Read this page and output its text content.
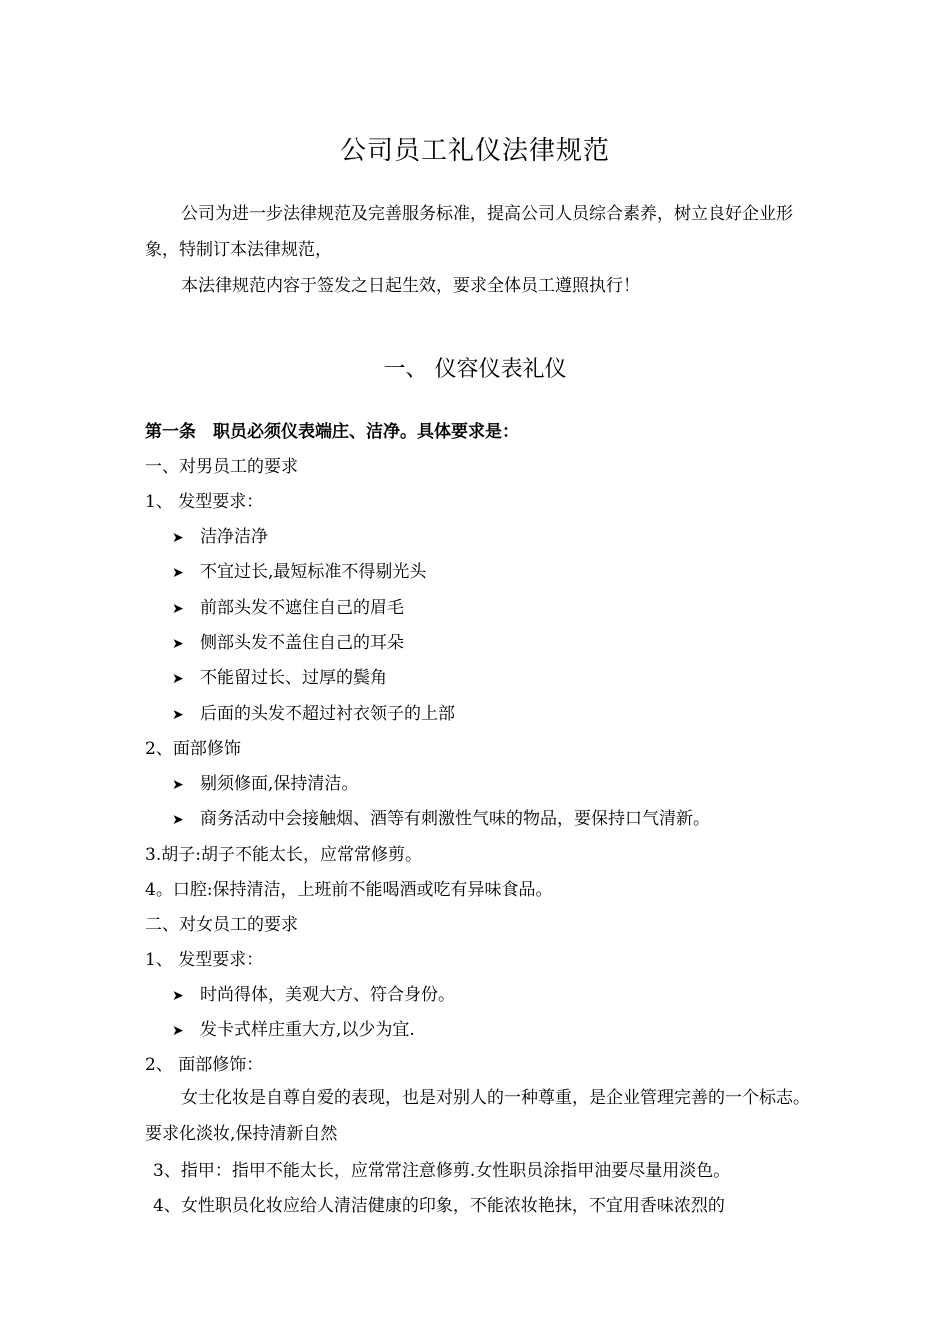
公司员工礼仪法律规范

公司为进一步法律规范及完善服务标准，提高公司人员综合素养，树立良好企业形象，特制订本法律规范，

本法律规范内容于签发之日起生效，要求全体员工遵照执行！

一、 仪容仪表礼仪
第一条　职员必须仪表端庄、洁净。具体要求是：
一、对男员工的要求
1、 发型要求：
➤ 洁净洁净
➤ 不宜过长,最短标准不得剔光头
➤ 前部头发不遮住自己的眉毛
➤ 侧部头发不盖住自己的耳朵
➤ 不能留过长、过厚的鬓角
➤ 后面的头发不超过衬衣领子的上部
2、面部修饰
➤ 剔须修面,保持清洁。
➤ 商务活动中会接触烟、酒等有刺激性气味的物品，要保持口气清新。
3.胡子:胡子不能太长，应常常修剪。
4。口腔:保持清洁，上班前不能喝酒或吃有异味食品。
二、对女员工的要求
1、 发型要求：
➤ 时尚得体，美观大方、符合身份。
➤ 发卡式样庄重大方,以少为宜.
2、 面部修饰：

女士化妆是自尊自爱的表现，也是对别人的一种尊重，是企业管理完善的一个标志。要求化淡妆,保持清新自然

3、指甲：指甲不能太长，应常常注意修剪.女性职员涂指甲油要尽量用淡色。
4、女性职员化妆应给人清洁健康的印象，不能浓妆艳抹，不宜用香味浓烈的
